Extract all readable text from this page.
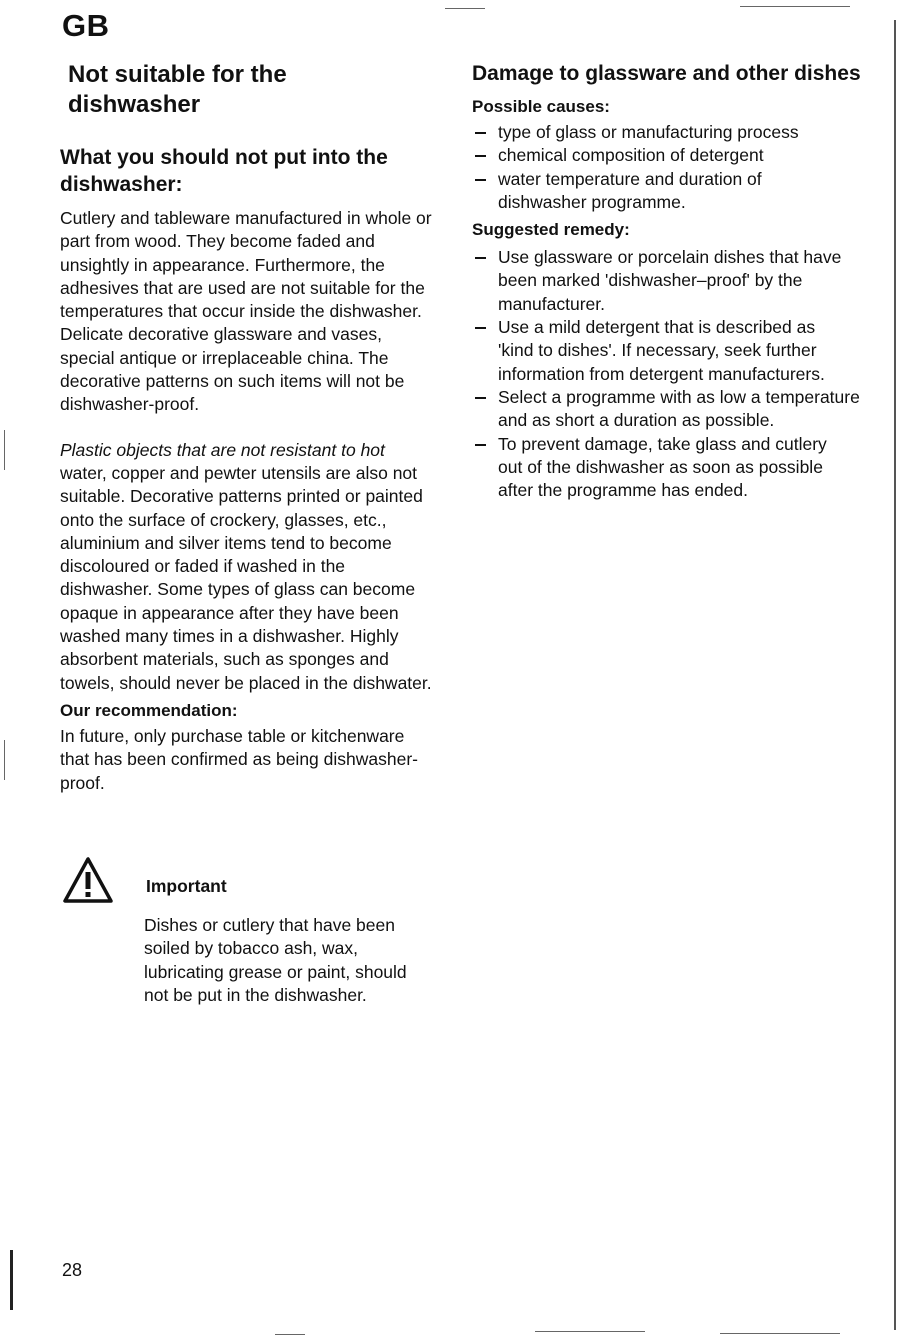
GB
Not suitable for the dishwasher
What you should not put into the dishwasher:

Cutlery and tableware manufactured in whole or part from wood. They become faded and unsightly in appearance. Furthermore, the adhesives that are used are not suitable for the temperatures that occur inside the dishwasher. Delicate decorative glassware and vases, special antique or irreplaceable china. The decorative patterns on such items will not be dishwasher-proof.

Plastic objects that are not resistant to hot water, copper and pewter utensils are also not suitable. Decorative patterns printed or painted onto the surface of crockery, glasses, etc., aluminium and silver items tend to become discoloured or faded if washed in the dishwasher. Some types of glass can become opaque in appearance after they have been washed many times in a dishwasher. Highly absorbent materials, such as sponges and towels, should never be placed in the dishwater.

Our recommendation:

In future, only purchase table or kitchenware that has been confirmed as being dishwasher-proof.

Important

Dishes or cutlery that have been soiled by tobacco ash, wax, lubricating grease or paint, should not be put in the dishwasher.

Damage to glassware and other dishes
Possible causes:
type of glass or manufacturing process
chemical composition of detergent
water temperature and duration of dishwasher programme.
Suggested remedy:
Use glassware or porcelain dishes that have been marked 'dishwasher–proof' by the manufacturer.
Use a mild detergent that is described as 'kind to dishes'. If necessary, seek further information from detergent manufacturers.
Select a programme with as low a temperature and as short a duration as possible.
To prevent damage, take glass and cutlery out of the dishwasher as soon as possible after the programme has ended.
28
